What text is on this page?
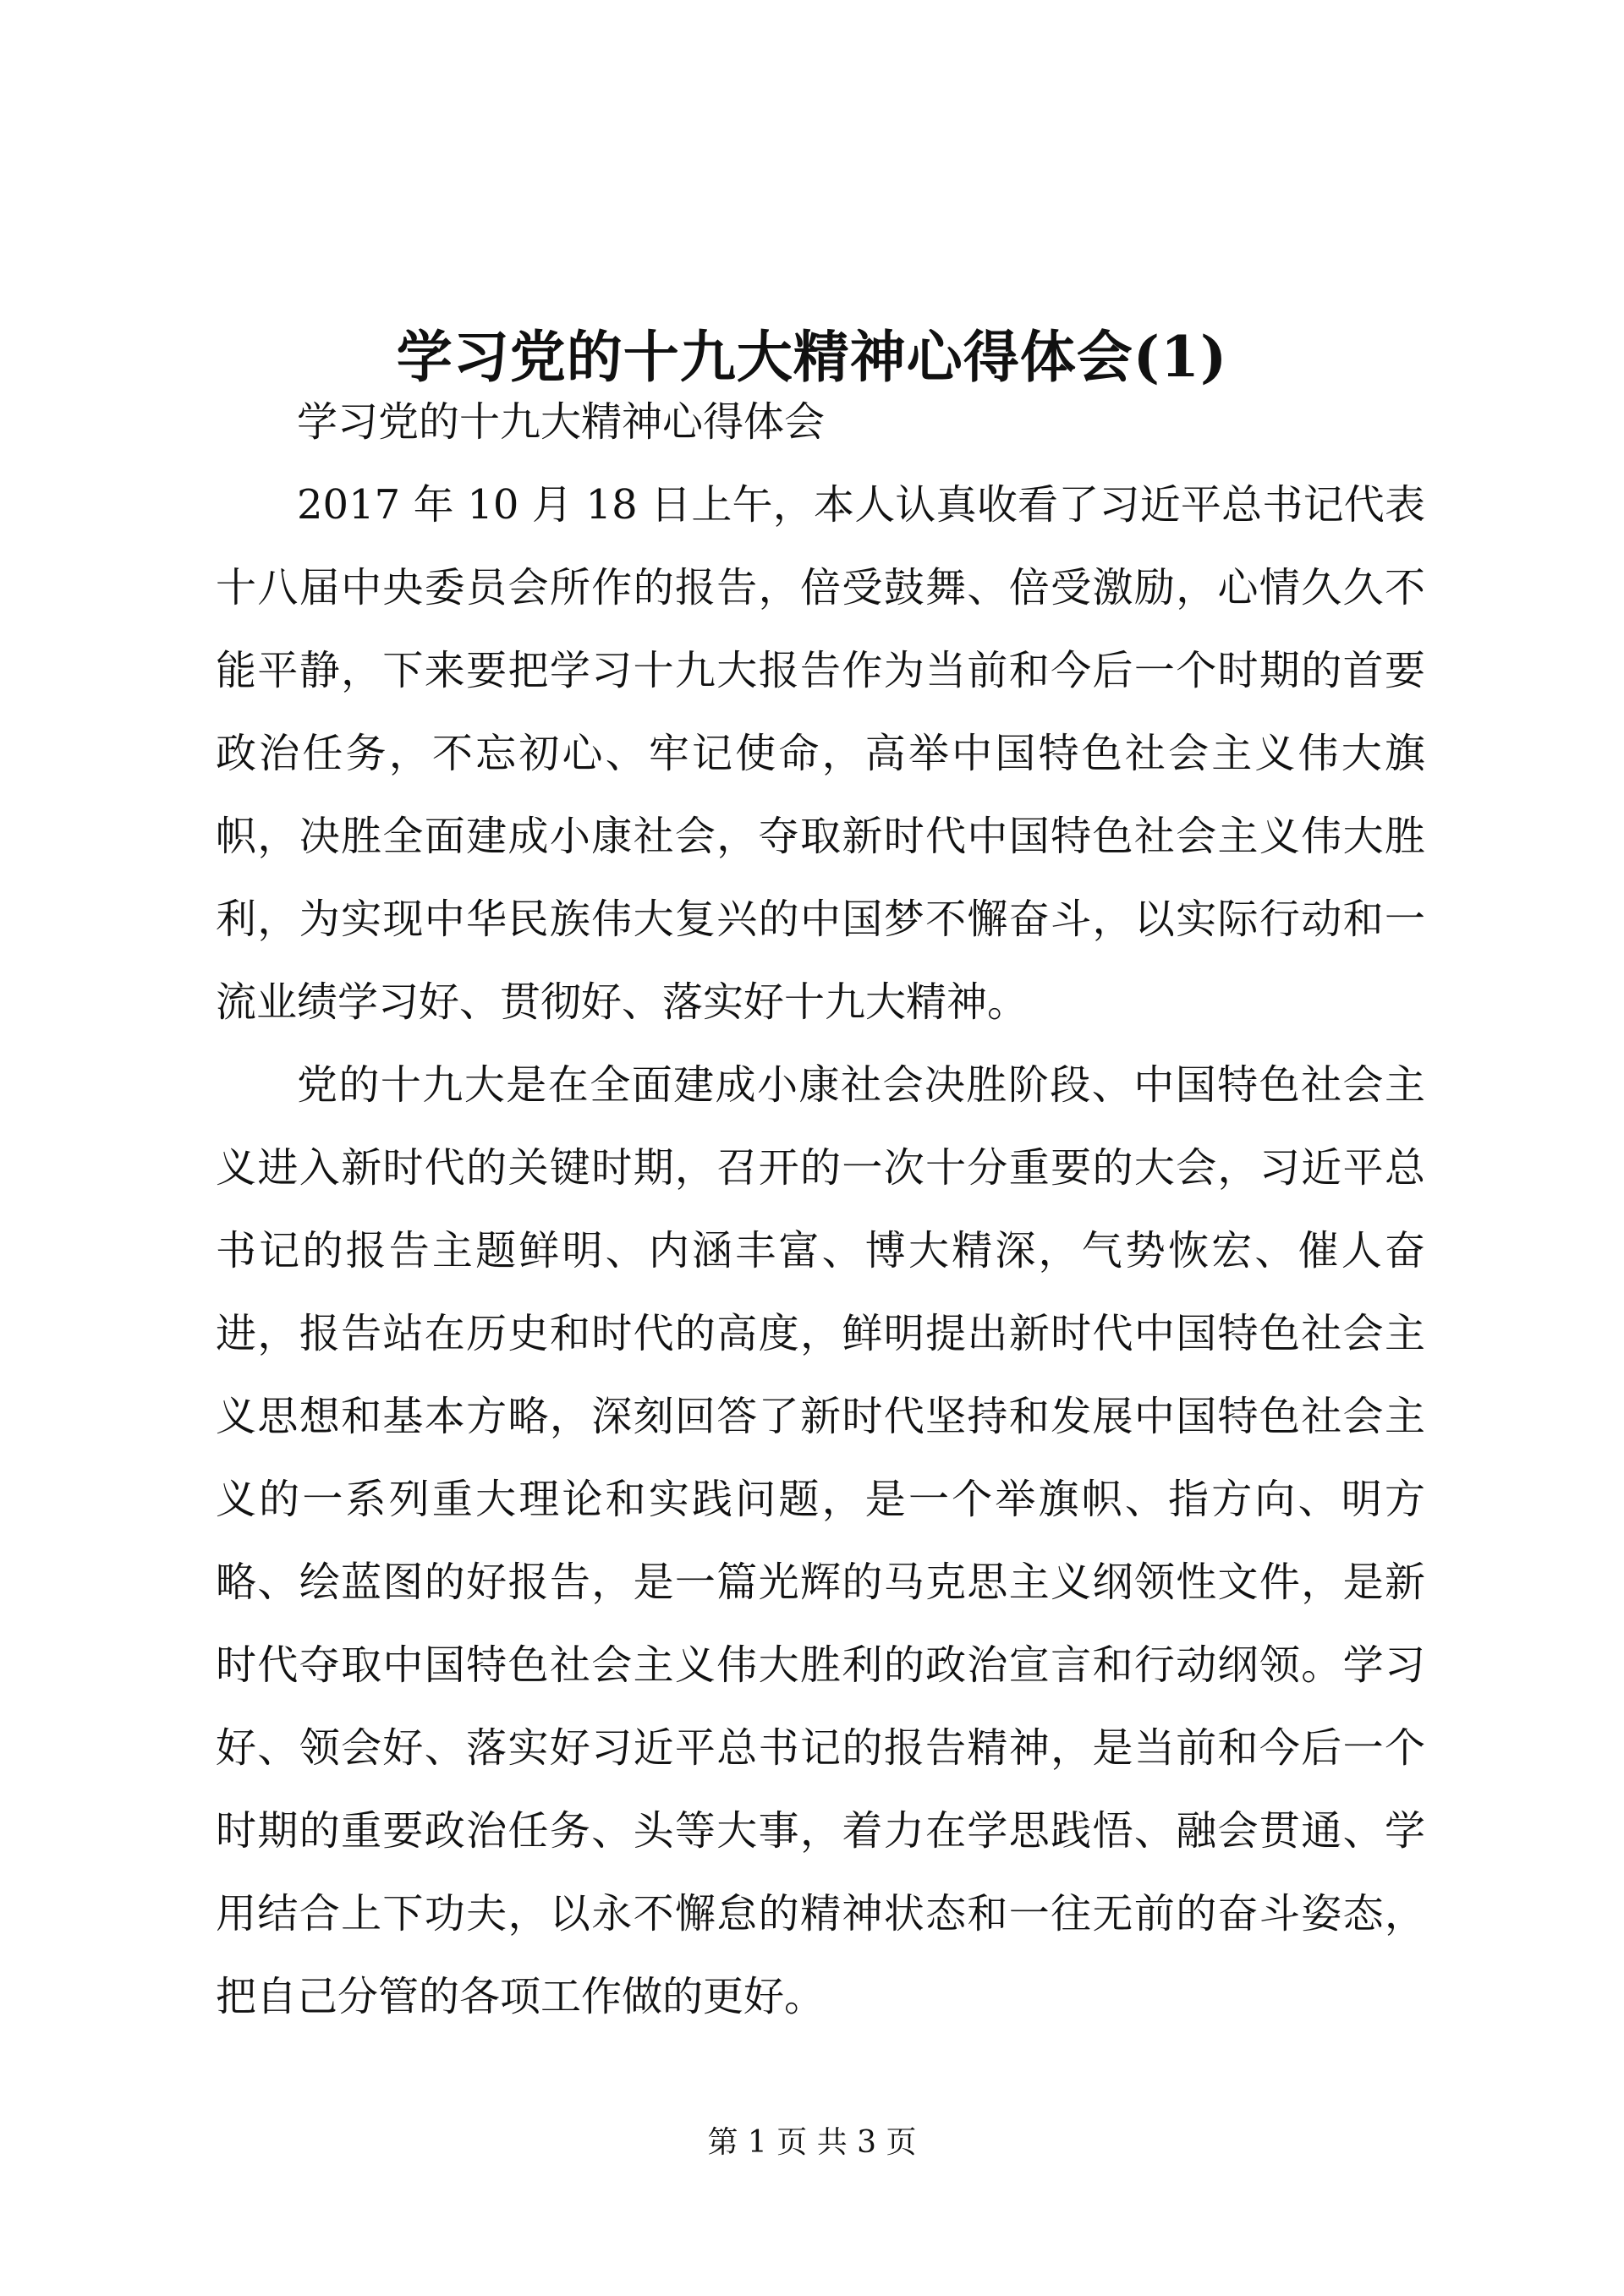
学习党的十九大精神心得体会(1)

学习党的十九大精神心得体会

2017 年 10 月 18 日上午，本人认真收看了习近平总书记代表十八届中央委员会所作的报告，倍受鼓舞、倍受激励，心情久久不能平静，下来要把学习十九大报告作为当前和今后一个时期的首要政治任务，不忘初心、牢记使命，高举中国特色社会主义伟大旗帜，决胜全面建成小康社会，夺取新时代中国特色社会主义伟大胜利，为实现中华民族伟大复兴的中国梦不懈奋斗，以实际行动和一流业绩学习好、贯彻好、落实好十九大精神。

党的十九大是在全面建成小康社会决胜阶段、中国特色社会主义进入新时代的关键时期，召开的一次十分重要的大会，习近平总书记的报告主题鲜明、内涵丰富、博大精深，气势恢宏、催人奋进，报告站在历史和时代的高度，鲜明提出新时代中国特色社会主义思想和基本方略，深刻回答了新时代坚持和发展中国特色社会主义的一系列重大理论和实践问题，是一个举旗帜、指方向、明方略、绘蓝图的好报告，是一篇光辉的马克思主义纲领性文件，是新时代夺取中国特色社会主义伟大胜利的政治宣言和行动纲领。学习好、领会好、落实好习近平总书记的报告精神，是当前和今后一个时期的重要政治任务、头等大事，着力在学思践悟、融会贯通、学用结合上下功夫，以永不懈怠的精神状态和一往无前的奋斗姿态，把自己分管的各项工作做的更好。

第 1 页 共 3 页
